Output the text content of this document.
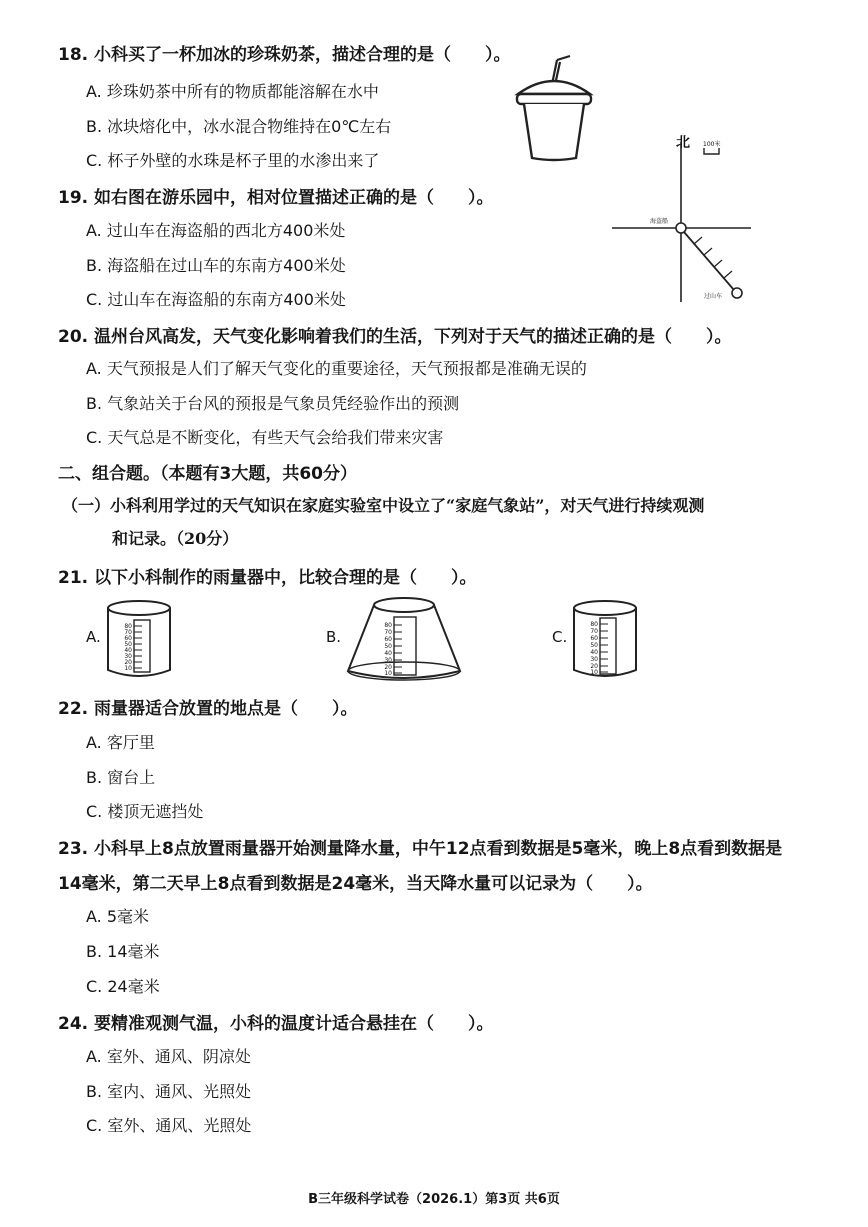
18. 小科买了一杯加冰的珍珠奶茶，描述合理的是（　　）。
A. 珍珠奶茶中所有的物质都能溶解在水中
B. 冰块熔化中，冰水混合物维持在0℃左右
C. 杯子外壁的水珠是杯子里的水渗出来了
19. 如右图在游乐园中，相对位置描述正确的是（　　）。
A. 过山车在海盗船的西北方400米处
B. 海盗船在过山车的东南方400米处
C. 过山车在海盗船的东南方400米处
北 100米
海盗船
过山车
20. 温州台风高发，天气变化影响着我们的生活，下列对于天气的描述正确的是（　　）。
A. 天气预报是人们了解天气变化的重要途径，天气预报都是准确无误的
B. 气象站关于台风的预报是气象员凭经验作出的预测
C. 天气总是不断变化，有些天气会给我们带来灾害
二、组合题。（本题有3大题，共60分）
（一）小科利用学过的天气知识在家庭实验室中设立了“家庭气象站”，对天气进行持续观测
和记录。（20分）
21. 以下小科制作的雨量器中，比较合理的是（　　）。
A.
80
70
60
50
40
30
20
10
B.
80
70
60
50
40
30
20
10
C.
80
70
60
50
40
30
20
10
22. 雨量器适合放置的地点是（　　）。
A. 客厅里
B. 窗台上
C. 楼顶无遮挡处
23. 小科早上8点放置雨量器开始测量降水量，中午12点看到数据是5毫米，晚上8点看到数据是
14毫米，第二天早上8点看到数据是24毫米，当天降水量可以记录为（　　）。
A. 5毫米
B. 14毫米
C. 24毫米
24. 要精准观测气温，小科的温度计适合悬挂在（　　）。
A. 室外、通风、阴凉处
B. 室内、通风、光照处
C. 室外、通风、光照处
B三年级科学试卷（2026.1）第3页 共6页
